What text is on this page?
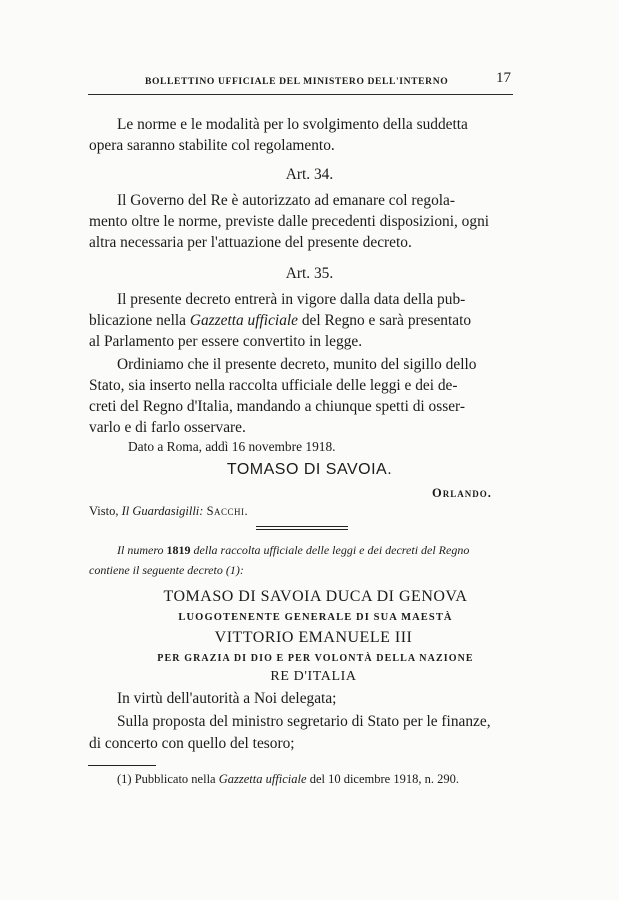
BOLLETTINO UFFICIALE DEL MINISTERO DELL'INTERNO	17
Le norme e le modalità per lo svolgimento della suddetta
opera saranno stabilite col regolamento.
Art. 34.
Il Governo del Re è autorizzato ad emanare col regola-
mento oltre le norme, previste dalle precedenti disposizioni, ogni
altra necessaria per l'attuazione del presente decreto.
Art. 35.
Il presente decreto entrerà in vigore dalla data della pub-
blicazione nella Gazzetta ufficiale del Regno e sarà presentato
al Parlamento per essere convertito in legge.
Ordiniamo che il presente decreto, munito del sigillo dello
Stato, sia inserto nella raccolta ufficiale delle leggi e dei de-
creti del Regno d'Italia, mandando a chiunque spetti di osser-
varlo e di farlo osservare.
Dato a Roma, addì 16 novembre 1918.
TOMASO DI SAVOIA.
Orlando.
Visto, Il Guardasigilli: Sacchi.
Il numero 1819 della raccolta ufficiale delle leggi e dei decreti del Regno
contiene il seguente decreto (1):
TOMASO DI SAVOIA DUCA DI GENOVA
LUOGOTENENTE GENERALE DI SUA MAESTÀ
VITTORIO EMANUELE III
PER GRAZIA DI DIO E PER VOLONTÀ DELLA NAZIONE
RE D'ITALIA
In virtù dell'autorità a Noi delegata;
Sulla proposta del ministro segretario di Stato per le finanze,
di concerto con quello del tesoro;
(1) Pubblicato nella Gazzetta ufficiale del 10 dicembre 1918, n. 290.
